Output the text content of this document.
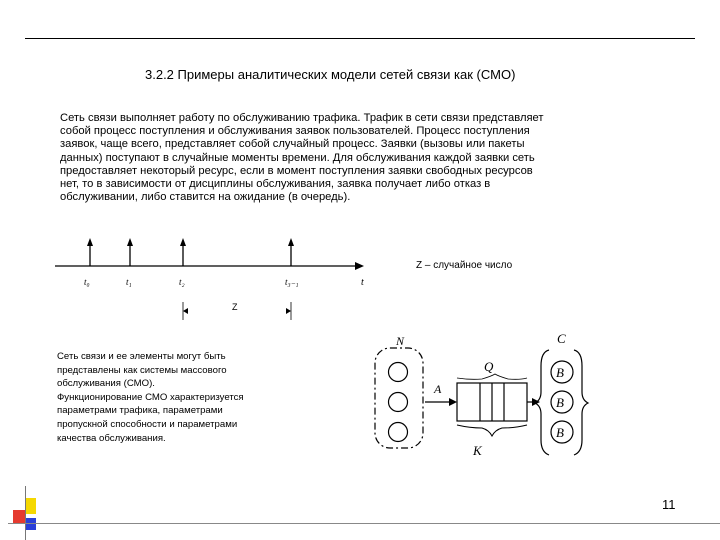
3.2.2 Примеры аналитических модели сетей связи как (СМО)
Сеть связи выполняет работу по обслуживанию трафика. Трафик в сети связи представляет
собой процесс поступления и обслуживания заявок пользователей. Процесс поступления
заявок, чаще всего, представляет собой случайный процесс. Заявки (вызовы или пакеты
данных) поступают в случайные моменты времени. Для обслуживания каждой заявки сеть
предоставляет некоторый ресурс, если в момент поступления заявки свободных ресурсов
нет, то в зависимости от дисциплины обслуживания, заявка получает либо отказ в
обслуживании, либо ставится на ожидание (в очередь).
t
t₀	t₁	t₂	t₃₋₁
Z
Z – случайное число
Сеть связи и ее элементы могут быть
представлены как системы массового
обслуживания (СМО).
Функционирование СМО характеризуется
параметрами трафика, параметрами
пропускной способности и параметрами
качества обслуживания.
N
A
Q
K
C
B
B
B
11
